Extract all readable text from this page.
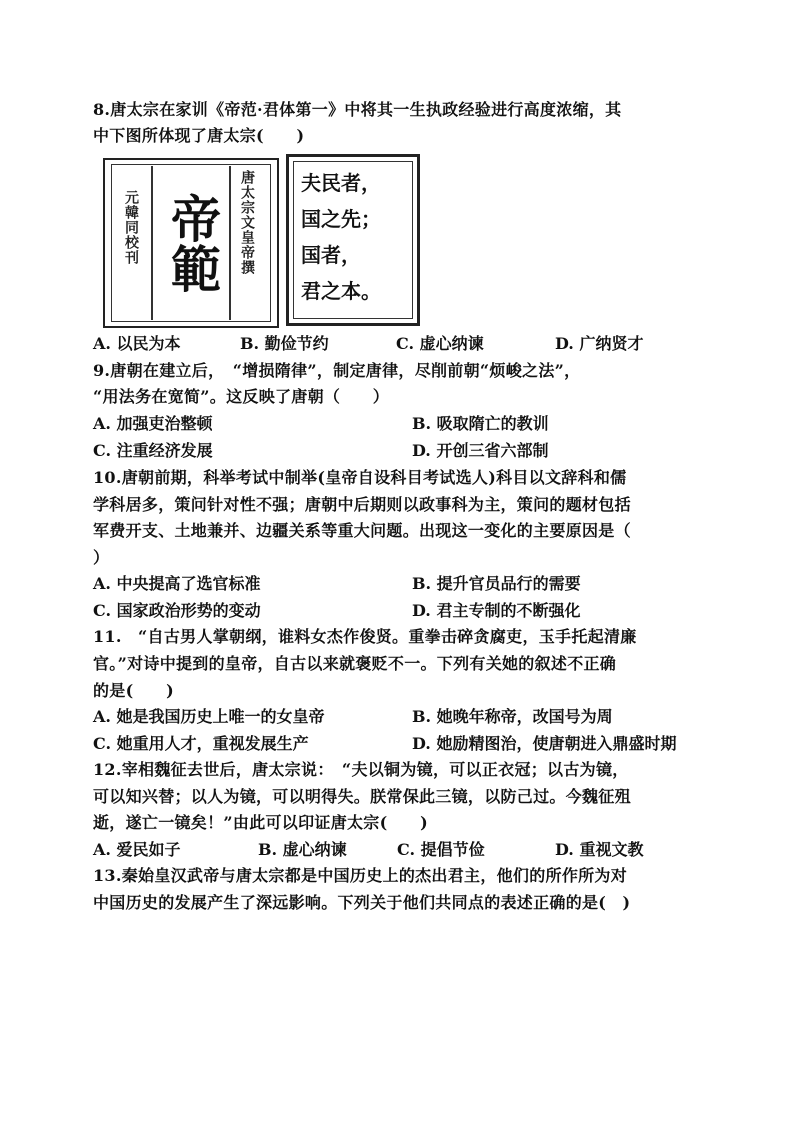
8.唐太宗在家训《帝范·君体第一》中将其一生执政经验进行高度浓缩，其
中下图所体现了唐太宗(　　)
元韓同校刊 帝範 唐太宗文皇帝撰 夫民者，
国之先；
国者，
君之本。
A. 以民为本	B. 勤俭节约	C. 虚心纳谏	D. 广纳贤才
9.唐朝在建立后，　“增损隋律”，制定唐律，尽削前朝“烦峻之法”，
“用法务在宽简”。这反映了唐朝（　　）
A. 加强吏治整顿	B. 吸取隋亡的教训
C. 注重经济发展	D. 开创三省六部制
10.唐朝前期，科举考试中制举(皇帝自设科目考试选人)科目以文辞科和儒
学科居多，策问针对性不强；唐朝中后期则以政事科为主，策问的题材包括
军费开支、土地兼并、边疆关系等重大问题。出现这一变化的主要原因是（
）
A. 中央提高了选官标准	B. 提升官员品行的需要
C. 国家政治形势的变动	D. 君主专制的不断强化
11.　“自古男人掌朝纲，谁料女杰作俊贤。重拳击碎贪腐吏，玉手托起清廉
官。”对诗中提到的皇帝，自古以来就褒贬不一。下列有关她的叙述不正确
的是(　　)
A. 她是我国历史上唯一的女皇帝	B. 她晚年称帝，改国号为周
C. 她重用人才，重视发展生产	D. 她励精图治，使唐朝进入鼎盛时期
12.宰相魏征去世后，唐太宗说：　“夫以铜为镜，可以正衣冠；以古为镜，
可以知兴替；以人为镜，可以明得失。朕常保此三镜，以防己过。今魏征殂
逝，遂亡一镜矣！”由此可以印证唐太宗(　　)
A. 爱民如子	B. 虚心纳谏	C. 提倡节俭	D. 重视文教
13.秦始皇汉武帝与唐太宗都是中国历史上的杰出君主，他们的所作所为对
中国历史的发展产生了深远影响。下列关于他们共同点的表述正确的是(　)
